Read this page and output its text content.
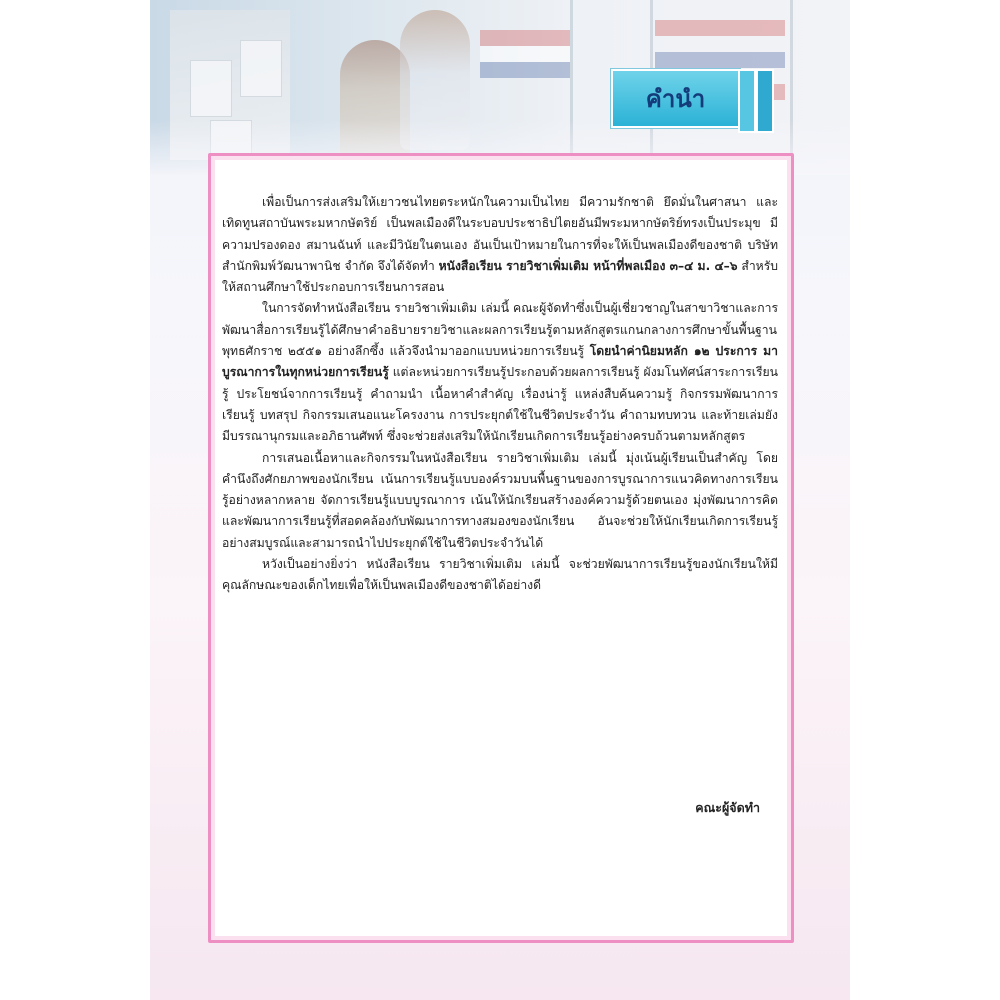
คำนำ

เพื่อเป็นการส่งเสริมให้เยาวชนไทยตระหนักในความเป็นไทย มีความรักชาติ ยึดมั่นในศาสนา และเทิดทูนสถาบันพระมหากษัตริย์ เป็นพลเมืองดีในระบอบประชาธิปไตยอันมีพระมหากษัตริย์ทรงเป็นประมุข มีความปรองดอง สมานฉันท์ และมีวินัยในตนเอง อันเป็นเป้าหมายในการที่จะให้เป็นพลเมืองดีของชาติ บริษัท สำนักพิมพ์วัฒนาพานิช จำกัด จึงได้จัดทำ หนังสือเรียน รายวิชาเพิ่มเติม หน้าที่พลเมือง ๓–๔ ม. ๔–๖ สำหรับให้สถานศึกษาใช้ประกอบการเรียนการสอน

ในการจัดทำหนังสือเรียน รายวิชาเพิ่มเติม เล่มนี้ คณะผู้จัดทำซึ่งเป็นผู้เชี่ยวชาญในสาขาวิชาและการพัฒนาสื่อการเรียนรู้ได้ศึกษาคำอธิบายรายวิชาและผลการเรียนรู้ตามหลักสูตรแกนกลางการศึกษาขั้นพื้นฐาน พุทธศักราช ๒๕๕๑ อย่างลึกซึ้ง แล้วจึงนำมาออกแบบหน่วยการเรียนรู้ โดยนำค่านิยมหลัก ๑๒ ประการ มาบูรณาการในทุกหน่วยการเรียนรู้ แต่ละหน่วยการเรียนรู้ประกอบด้วยผลการเรียนรู้ ผังมโนทัศน์สาระการเรียนรู้ ประโยชน์จากการเรียนรู้ คำถามนำ เนื้อหาคำสำคัญ เรื่องน่ารู้ แหล่งสืบค้นความรู้ กิจกรรมพัฒนาการเรียนรู้ บทสรุป กิจกรรมเสนอแนะโครงงาน การประยุกต์ใช้ในชีวิตประจำวัน คำถามทบทวน และท้ายเล่มยังมีบรรณานุกรมและอภิธานศัพท์ ซึ่งจะช่วยส่งเสริมให้นักเรียนเกิดการเรียนรู้อย่างครบถ้วนตามหลักสูตร

การเสนอเนื้อหาและกิจกรรมในหนังสือเรียน รายวิชาเพิ่มเติม เล่มนี้ มุ่งเน้นผู้เรียนเป็นสำคัญ โดยคำนึงถึงศักยภาพของนักเรียน เน้นการเรียนรู้แบบองค์รวมบนพื้นฐานของการบูรณาการแนวคิดทางการเรียนรู้อย่างหลากหลาย จัดการเรียนรู้แบบบูรณาการ เน้นให้นักเรียนสร้างองค์ความรู้ด้วยตนเอง มุ่งพัฒนาการคิด และพัฒนาการเรียนรู้ที่สอดคล้องกับพัฒนาการทางสมองของนักเรียน อันจะช่วยให้นักเรียนเกิดการเรียนรู้อย่างสมบูรณ์และสามารถนำไปประยุกต์ใช้ในชีวิตประจำวันได้

หวังเป็นอย่างยิ่งว่า หนังสือเรียน รายวิชาเพิ่มเติม เล่มนี้ จะช่วยพัฒนาการเรียนรู้ของนักเรียนให้มีคุณลักษณะของเด็กไทยเพื่อให้เป็นพลเมืองดีของชาติได้อย่างดี

คณะผู้จัดทำ
